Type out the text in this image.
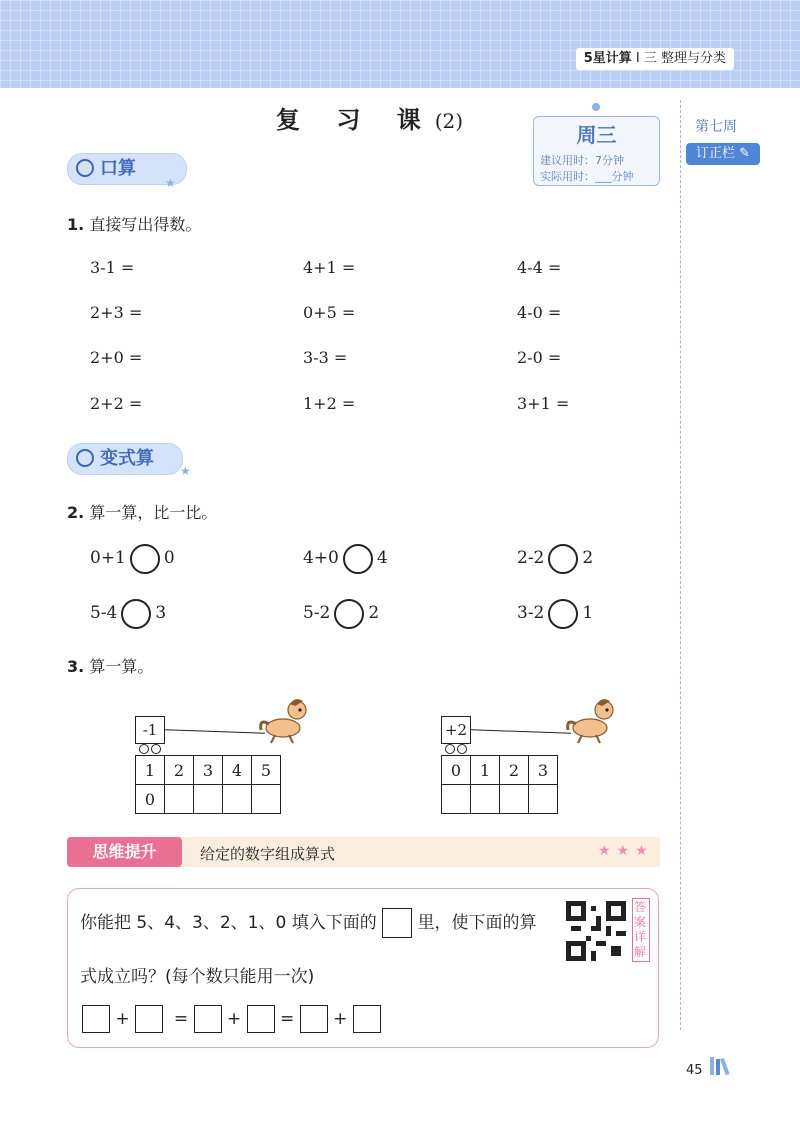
5星计算 I 三 整理与分类
复 习 课(2)
周三
建议用时：7分钟
实际用时：___分钟
第七周
订正栏 ✎
口算
★
1. 直接写出得数。
3-1 =	4+1 =	4-4 =
2+3 =	0+5 =	4-0 =
2+0 =	3-3 =	2-0 =
2+2 =	1+2 =	3+1 =
变式算
★
2. 算一算，比一比。
0+1 0	4+0 4	2-2 2
5-4 3	5-2 2	3-2 1
3. 算一算。
-1
1	2	3	4	5
0				
+2
0	1	2	3

思维提升	给定的数字组成算式	★★★
你能把 5、4、3、2、1、0 填入下面的 里，使下面的算
式成立吗？(每个数只能用一次)
+	= + = +
答案详解
45
